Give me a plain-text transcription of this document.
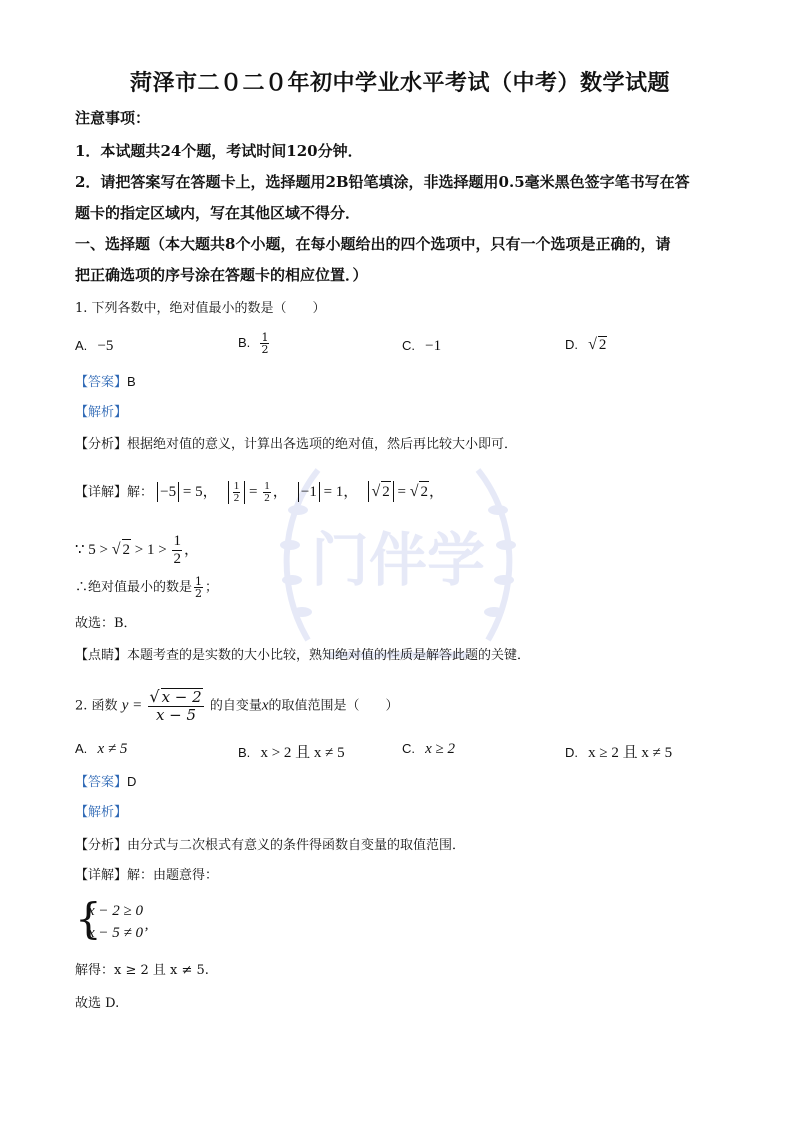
门伴学
菏泽市二０二０年初中学业水平考试（中考）数学试题
注意事项：
1．本试题共24个题，考试时间120分钟．
2．请把答案写在答题卡上，选择题用2B铅笔填涂，非选择题用0.5毫米黑色签字笔书写在答
题卡的指定区域内，写在其他区域不得分．
一、选择题（本大题共8个小题，在每小题给出的四个选项中，只有一个选项是正确的，请
把正确选项的序号涂在答题卡的相应位置．）
1. 下列各数中，绝对值最小的数是（　　）
A. −5	B. $\frac{1}{2}$	C. −1	D. √ 2
【答案】B
【解析】
【分析】根据绝对值的意义，计算出各选项的绝对值，然后再比较大小即可．
【详解】解： −5 = 5， $\frac{1}{2} = \frac{1}{2}$ ， −1 = 1， √ 2 = √ 2，
∵ 5 > √ $2 > 1 > \frac{1}{2}$ ，
∴绝对值最小的数是 $\frac{1}{2}$ ；
故选：B．
【点睛】本题考查的是实数的大小比较，熟知绝对值的性质是解答此题的关键．
2. 函数 $y = \frac{√ x - 2}{x - 5}$ 的自变量x的取值范围是（　　）
A. x ≠ 5	B. x > 2 且 x ≠ 5	C. x ≥ 2	D. x ≥ 2 且 x ≠ 5
【答案】D
【解析】
【分析】由分式与二次根式有意义的条件得函数自变量的取值范围．
【详解】解：由题意得：
{
x − 2 ≥ 0
x − 5 ≠ 0’
解得：x ≥ 2 且 x ≠ 5.
故选 D.
